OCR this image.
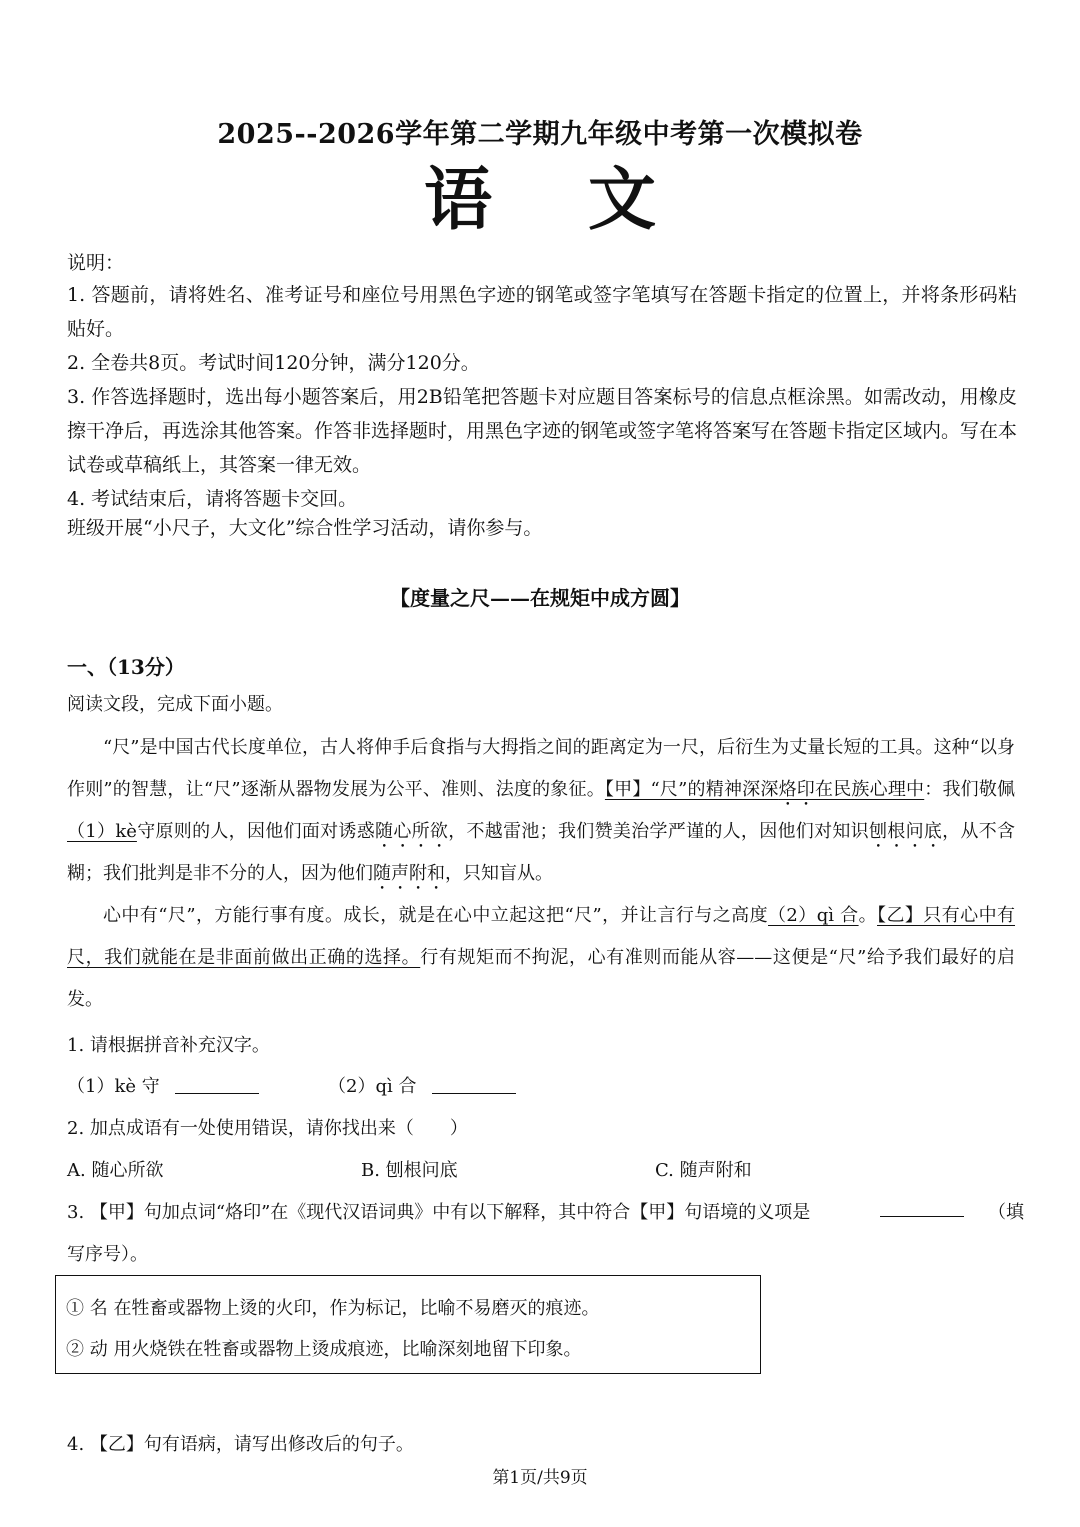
2025--2026学年第二学期九年级中考第一次模拟卷
语 文
说明：

1. 答题前，请将姓名、准考证号和座位号用黑色字迹的钢笔或签字笔填写在答题卡指定的位置上，并将条形码粘贴好。

2. 全卷共8页。考试时间120分钟，满分120分。

3. 作答选择题时，选出每小题答案后，用2B铅笔把答题卡对应题目答案标号的信息点框涂黑。如需改动，用橡皮擦干净后，再选涂其他答案。作答非选择题时，用黑色字迹的钢笔或签字笔将答案写在答题卡指定区域内。写在本试卷或草稿纸上，其答案一律无效。

4. 考试结束后，请将答题卡交回。

班级开展“小尺子，大文化”综合性学习活动，请你参与。
【度量之尺——在规矩中成方圆】
一、（13分）
阅读文段，完成下面小题。

“尺”是中国古代长度单位，古人将伸手后食指与大拇指之间的距离定为一尺，后衍生为丈量长短的工具。这种“以身作则”的智慧，让“尺”逐渐从器物发展为公平、准则、法度的象征。【甲】“尺”的精神深深烙印在民族心理中：我们敬佩（1）kè守原则的人，因他们面对诱惑随心所欲，不越雷池；我们赞美治学严谨的人，因他们对知识刨根问底，从不含糊；我们批判是非不分的人，因为他们随声附和，只知盲从。

心中有“尺”，方能行事有度。成长，就是在心中立起这把“尺”，并让言行与之高度（2）qì 合。【乙】只有心中有尺，我们就能在是非面前做出正确的选择。行有规矩而不拘泥，心有准则而能从容——这便是“尺”给予我们最好的启发。

1. 请根据拼音补充汉字。
（1）kè 守	（2）qì 合
2. 加点成语有一处使用错误，请你找出来（　　）
A. 随心所欲	B. 刨根问底	C. 随声附和
3. 【甲】句加点词“烙印”在《现代汉语词典》中有以下解释，其中符合【甲】句语境的义项是	（填
写序号）。
① 名 在牲畜或器物上烫的火印，作为标记，比喻不易磨灭的痕迹。
② 动 用火烧铁在牲畜或器物上烫成痕迹，比喻深刻地留下印象。
4. 【乙】句有语病，请写出修改后的句子。
第1页/共9页
